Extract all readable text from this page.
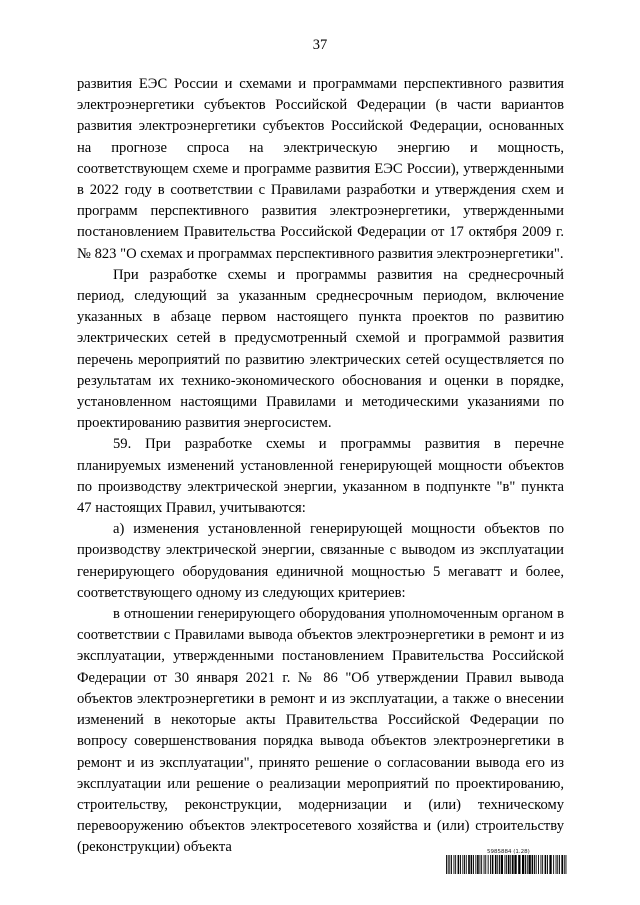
37

развития ЕЭС России и схемами и программами перспективного развития электроэнергетики субъектов Российской Федерации (в части вариантов развития электроэнергетики субъектов Российской Федерации, основанных на прогнозе спроса на электрическую энергию и мощность, соответствующем схеме и программе развития ЕЭС России), утвержденными в 2022 году в соответствии с Правилами разработки и утверждения схем и программ перспективного развития электроэнергетики, утвержденными постановлением Правительства Российской Федерации от 17 октября 2009 г. № 823 "О схемах и программах перспективного развития электроэнергетики".

При разработке схемы и программы развития на среднесрочный период, следующий за указанным среднесрочным периодом, включение указанных в абзаце первом настоящего пункта проектов по развитию электрических сетей в предусмотренный схемой и программой развития перечень мероприятий по развитию электрических сетей осуществляется по результатам их технико-экономического обоснования и оценки в порядке, установленном настоящими Правилами и методическими указаниями по проектированию развития энергосистем.

59. При разработке схемы и программы развития в перечне планируемых изменений установленной генерирующей мощности объектов по производству электрической энергии, указанном в подпункте "в" пункта 47 настоящих Правил, учитываются:

а) изменения установленной генерирующей мощности объектов по производству электрической энергии, связанные с выводом из эксплуатации генерирующего оборудования единичной мощностью 5 мегаватт и более, соответствующего одному из следующих критериев:

в отношении генерирующего оборудования уполномоченным органом в соответствии с Правилами вывода объектов электроэнергетики в ремонт и из эксплуатации, утвержденными постановлением Правительства Российской Федерации от 30 января 2021 г. № 86 "Об утверждении Правил вывода объектов электроэнергетики в ремонт и из эксплуатации, а также о внесении изменений в некоторые акты Правительства Российской Федерации по вопросу совершенствования порядка вывода объектов электроэнергетики в ремонт и из эксплуатации", принято решение о согласовании вывода его из эксплуатации или решение о реализации мероприятий по проектированию, строительству, реконструкции, модернизации и (или) техническому перевооружению объектов электросетевого хозяйства и (или) строительству (реконструкции) объекта	5985884 (1.28)
